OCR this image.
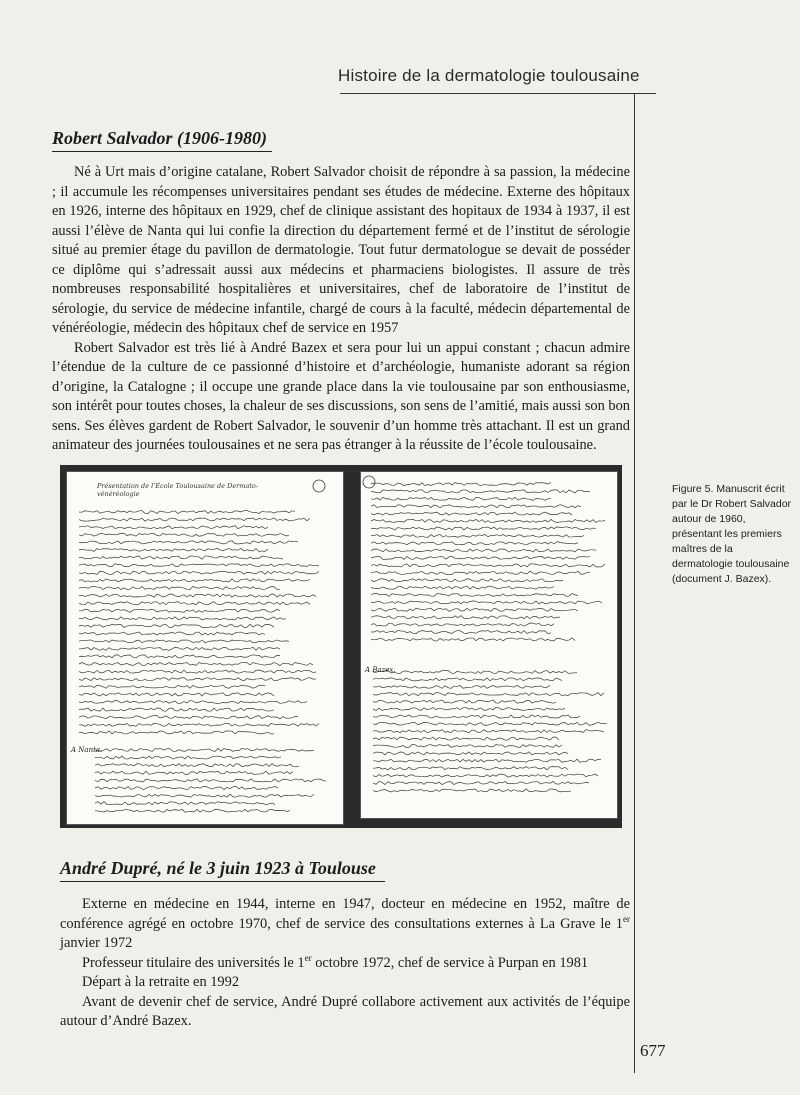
Histoire de la dermatologie toulousaine
Robert Salvador (1906-1980)

Né à Urt mais d’origine catalane, Robert Salvador choisit de répondre à sa passion, la médecine ; il accumule les récompenses universitaires pendant ses études de médecine. Externe des hôpitaux en 1926, interne des hôpitaux en 1929, chef de clinique assistant des hopitaux de 1934 à 1937, il est aussi l’élève de Nanta qui lui confie la direction du département fermé et de l’institut de sérologie situé au premier étage du pavillon de dermatologie. Tout futur dermatologue se devait de posséder ce diplôme qui s’adressait aussi aux médecins et pharmaciens biologistes. Il assure de très nombreuses responsabilité hospitalières et universitaires, chef de laboratoire de l’institut de sérologie, du service de médecine infantile, chargé de cours à la faculté, médecin départemental de vénéréologie, médecin des hôpitaux chef de service en 1957

Robert Salvador est très lié à André Bazex et sera pour lui un appui constant ; chacun admire l’étendue de la culture de ce passionné d’histoire et d’archéologie, humaniste adorant sa région d’origine, la Catalogne ; il occupe une grande place dans la vie toulousaine par son enthousiasme, son intérêt pour toutes choses, la chaleur de ses discussions, son sens de l’amitié, mais aussi son bon sens. Ses élèves gardent de Robert Salvador, le souvenir d’un homme très attachant. Il est un grand animateur des journées toulousaines et ne sera pas étranger à la réussite de l’école toulousaine.

Présentation de l’École Toulousaine de Dermato-vénéréologie
A Nanta.
A Bazex.
Figure 5. Manuscrit écrit par le Dr Robert Salvador autour de 1960, présentant les premiers maîtres de la dermatologie toulousaine (document J. Bazex).
André Dupré, né le 3 juin 1923 à Toulouse

Externe en médecine en 1944, interne en 1947, docteur en médecine en 1952, maître de conférence agrégé en octobre 1970, chef de service des consultations externes à La Grave le 1er janvier 1972

Professeur titulaire des universités le 1er octobre 1972, chef de service à Purpan en 1981

Départ à la retraite en 1992

Avant de devenir chef de service, André Dupré collabore activement aux activités de l’équipe autour d’André Bazex.

677
